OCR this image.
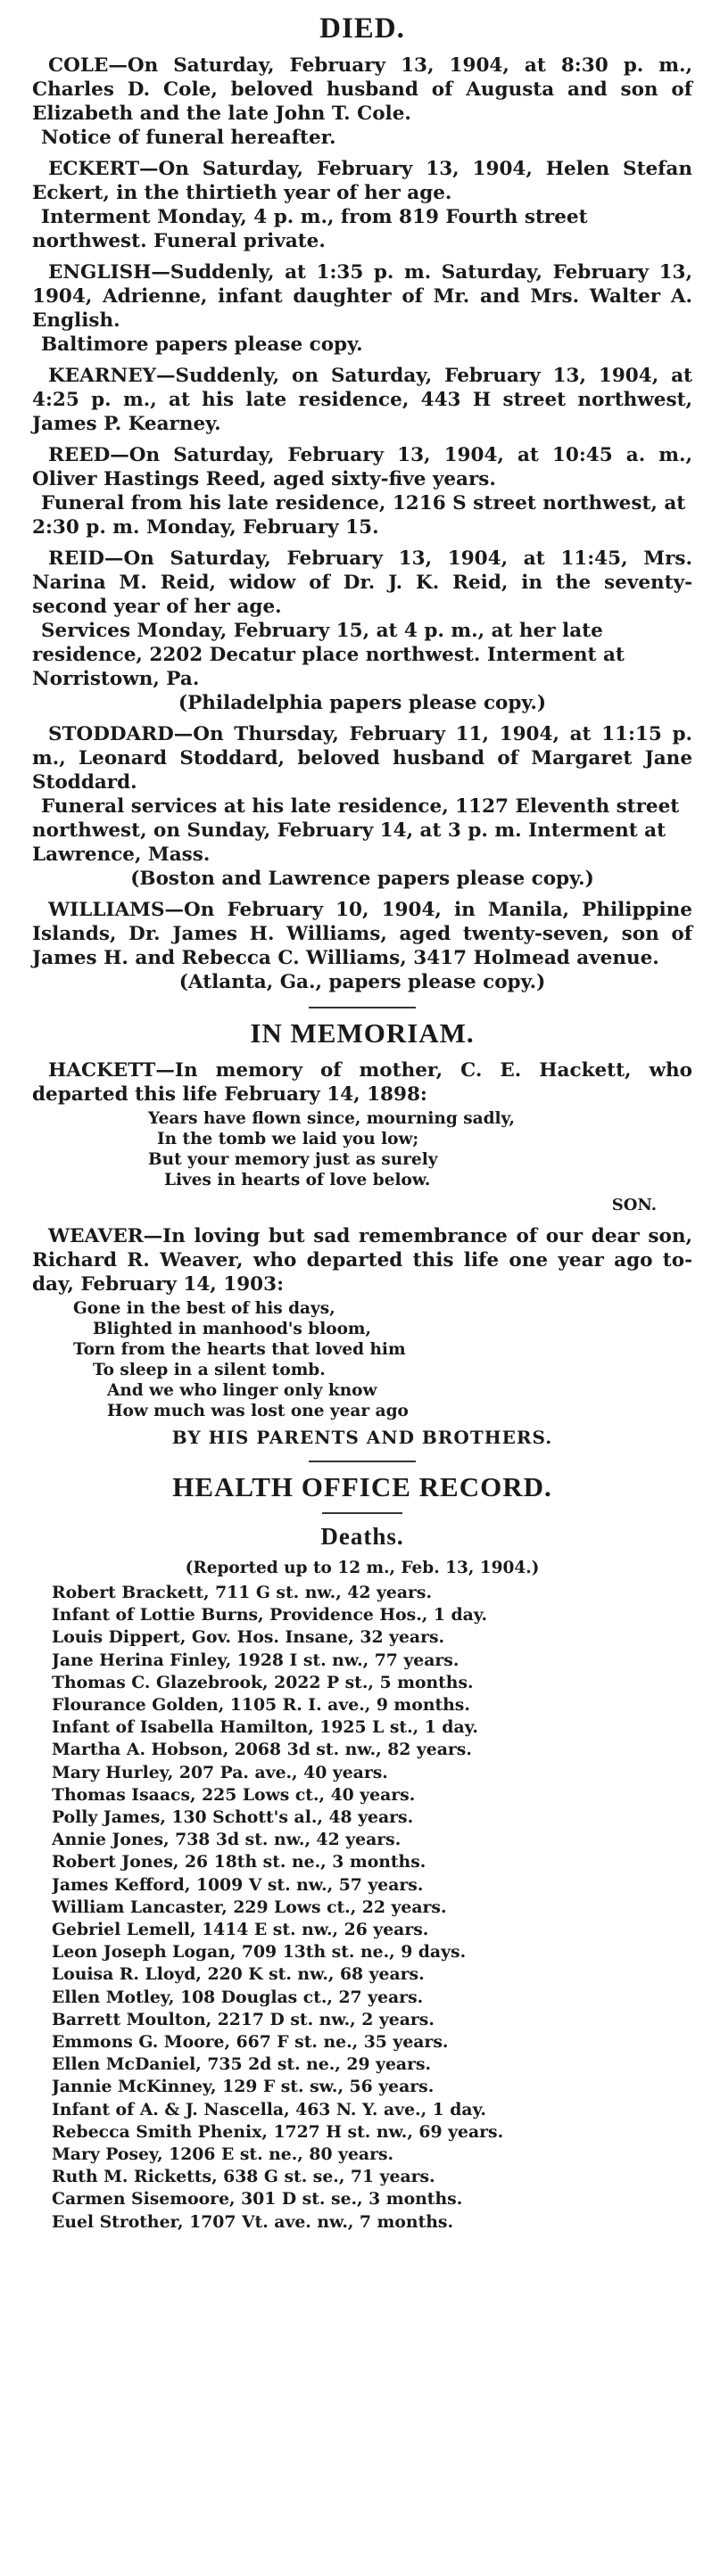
DIED.

COLE—On Saturday, February 13, 1904, at 8:30 p. m., Charles D. Cole, beloved husband of Augusta and son of Elizabeth and the late John T. Cole.

Notice of funeral hereafter.

ECKERT—On Saturday, February 13, 1904, Helen Stefan Eckert, in the thirtieth year of her age.

Interment Monday, 4 p. m., from 819 Fourth street northwest. Funeral private.

ENGLISH—Suddenly, at 1:35 p. m. Saturday, February 13, 1904, Adrienne, infant daughter of Mr. and Mrs. Walter A. English.

Baltimore papers please copy.

KEARNEY—Suddenly, on Saturday, February 13, 1904, at 4:25 p. m., at his late residence, 443 H street northwest, James P. Kearney.

REED—On Saturday, February 13, 1904, at 10:45 a. m., Oliver Hastings Reed, aged sixty-five years.

Funeral from his late residence, 1216 S street northwest, at 2:30 p. m. Monday, February 15.

REID—On Saturday, February 13, 1904, at 11:45, Mrs. Narina M. Reid, widow of Dr. J. K. Reid, in the seventy-second year of her age.

Services Monday, February 15, at 4 p. m., at her late residence, 2202 Decatur place northwest. Interment at Norristown, Pa.

(Philadelphia papers please copy.)

STODDARD—On Thursday, February 11, 1904, at 11:15 p. m., Leonard Stoddard, beloved husband of Margaret Jane Stoddard.

Funeral services at his late residence, 1127 Eleventh street northwest, on Sunday, February 14, at 3 p. m. Interment at Lawrence, Mass.

(Boston and Lawrence papers please copy.)

WILLIAMS—On February 10, 1904, in Manila, Philippine Islands, Dr. James H. Williams, aged twenty-seven, son of James H. and Rebecca C. Williams, 3417 Holmead avenue.

(Atlanta, Ga., papers please copy.)

IN MEMORIAM.

HACKETT—In memory of mother, C. E. Hackett, who departed this life February 14, 1898:

Years have flown since, mourning sadly,
In the tomb we laid you low;
But your memory just as surely
Lives in hearts of love below.
SON.

WEAVER—In loving but sad remembrance of our dear son, Richard R. Weaver, who departed this life one year ago to-day, February 14, 1903:

Gone in the best of his days,
Blighted in manhood's bloom,
Torn from the hearts that loved him
To sleep in a silent tomb.
And we who linger only know
How much was lost one year ago
BY HIS PARENTS AND BROTHERS.
HEALTH OFFICE RECORD.
Deaths.
(Reported up to 12 m., Feb. 13, 1904.)
Robert Brackett, 711 G st. nw., 42 years.
Infant of Lottie Burns, Providence Hos., 1 day.
Louis Dippert, Gov. Hos. Insane, 32 years.
Jane Herina Finley, 1928 I st. nw., 77 years.
Thomas C. Glazebrook, 2022 P st., 5 months.
Flourance Golden, 1105 R. I. ave., 9 months.
Infant of Isabella Hamilton, 1925 L st., 1 day.
Martha A. Hobson, 2068 3d st. nw., 82 years.
Mary Hurley, 207 Pa. ave., 40 years.
Thomas Isaacs, 225 Lows ct., 40 years.
Polly James, 130 Schott's al., 48 years.
Annie Jones, 738 3d st. nw., 42 years.
Robert Jones, 26 18th st. ne., 3 months.
James Kefford, 1009 V st. nw., 57 years.
William Lancaster, 229 Lows ct., 22 years.
Gebriel Lemell, 1414 E st. nw., 26 years.
Leon Joseph Logan, 709 13th st. ne., 9 days.
Louisa R. Lloyd, 220 K st. nw., 68 years.
Ellen Motley, 108 Douglas ct., 27 years.
Barrett Moulton, 2217 D st. nw., 2 years.
Emmons G. Moore, 667 F st. ne., 35 years.
Ellen McDaniel, 735 2d st. ne., 29 years.
Jannie McKinney, 129 F st. sw., 56 years.
Infant of A. & J. Nascella, 463 N. Y. ave., 1 day.
Rebecca Smith Phenix, 1727 H st. nw., 69 years.
Mary Posey, 1206 E st. ne., 80 years.
Ruth M. Ricketts, 638 G st. se., 71 years.
Carmen Sisemoore, 301 D st. se., 3 months.
Euel Strother, 1707 Vt. ave. nw., 7 months.
